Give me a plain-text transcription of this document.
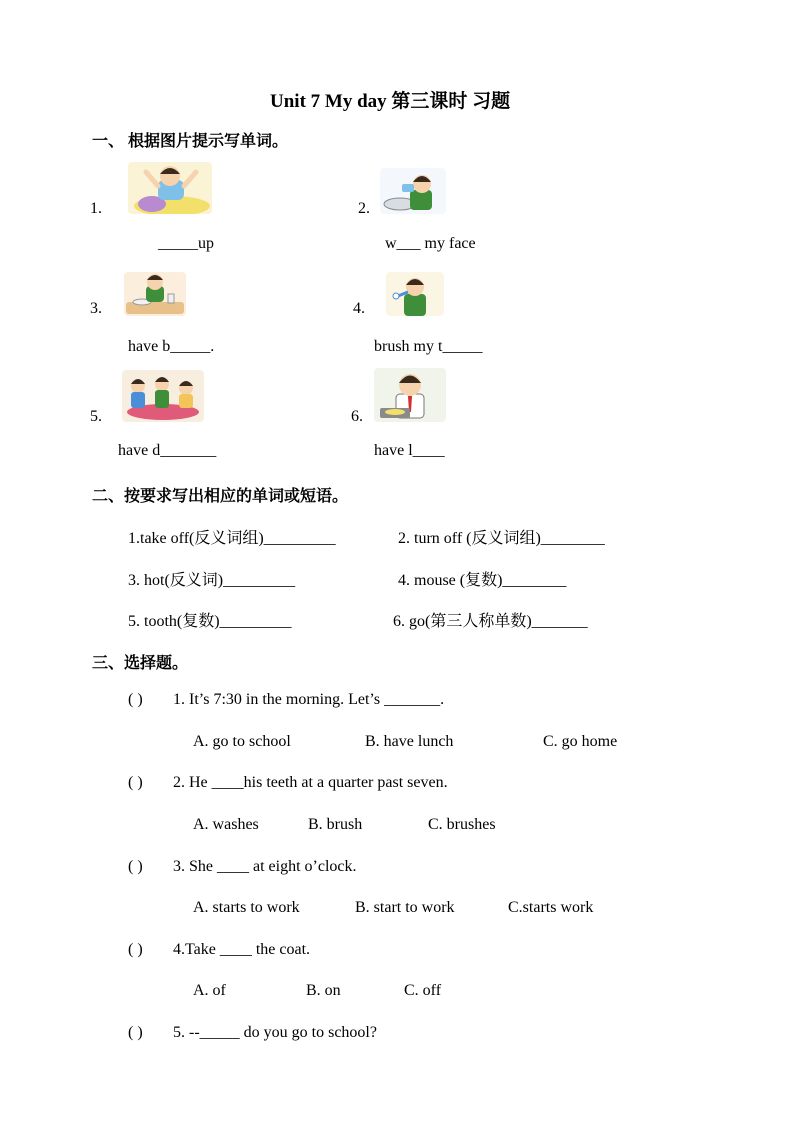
Unit 7 My day 第三课时 习题
一、 根据图片提示写单词。
1.
_____up
2.
w___ my face
3.
have b_____.
4.
brush my t_____
5.
have d_______
6.
have l____
二、按要求写出相应的单词或短语。
1.take off(反义词组)_________	2. turn off (反义词组)________
3. hot(反义词)_________	4. mouse (复数)________
5. tooth(复数)_________	6. go(第三人称单数)_______
三、选择题。
( ) 1. It’s 7:30 in the morning. Let’s _______.
A. go to school	B. have lunch	C. go home
( ) 2. He ____his teeth at a quarter past seven.
A. washes	B. brush	C. brushes
( ) 3. She ____ at eight o’clock.
A. starts to work	B. start to work	C.starts work
( ) 4.Take ____ the coat.
A. of	B. on	C. off
( ) 5. --_____ do you go to school?
